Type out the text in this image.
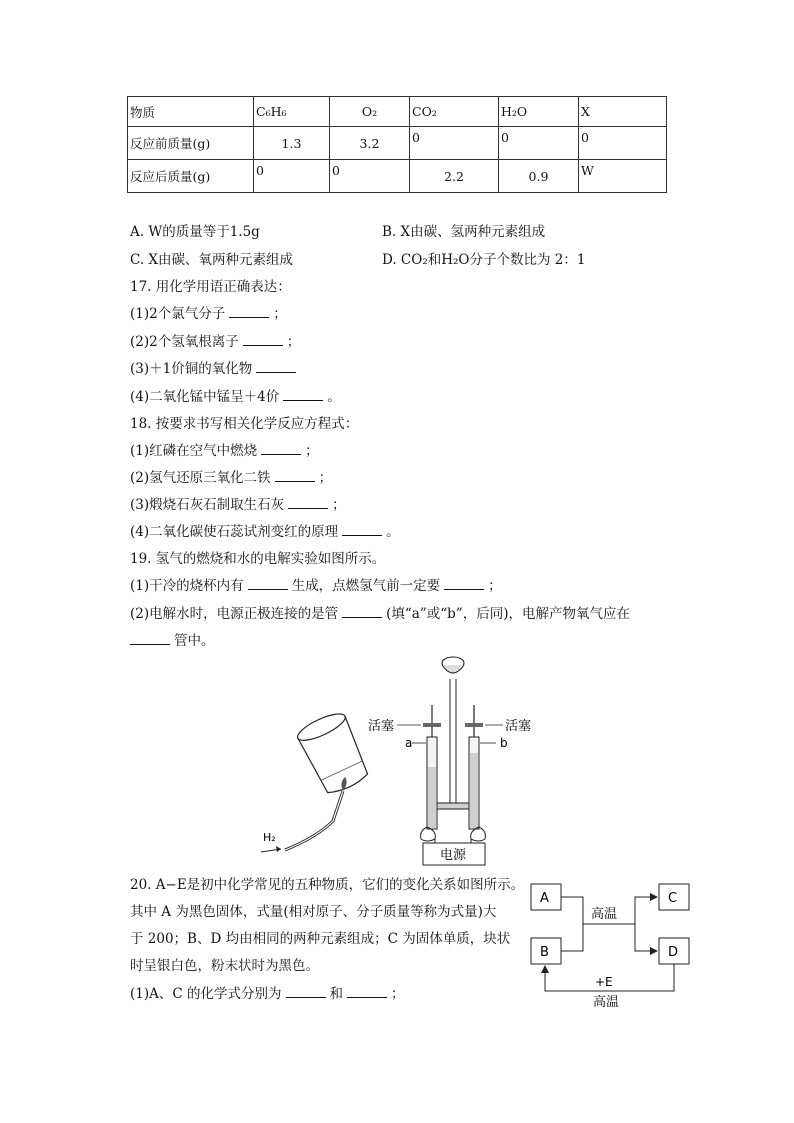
物质	C₆H₆	O₂	CO₂	H₂O	X
反应前质量(g)	1.3	3.2	0	0	0
反应后质量(g)	0	0	2.2	0.9	W
A. W的质量等于1.5g	B. X由碳、氢两种元素组成
C. X由碳、氧两种元素组成	D. CO₂和H₂O分子个数比为 2：1
17. 用化学用语正确表达：
(1)2个氯气分子	；
(2)2个氢氧根离子	；
(3)＋1价铜的氧化物
(4)二氧化锰中锰呈＋4价	。
18. 按要求书写相关化学反应方程式：
(1)红磷在空气中燃烧	；
(2)氢气还原三氧化二铁	；
(3)煅烧石灰石制取生石灰	；
(4)二氧化碳使石蕊试剂变红的原理	。
19. 氢气的燃烧和水的电解实验如图所示。
(1)干冷的烧杯内有	生成，点燃氢气前一定要	；
(2)电解水时，电源正极连接的是管	(填“a”或“b”，后同)，电解产物氧气应在
管中。
H₂
活塞	活塞
a	b
电源
20. A−E是初中化学常见的五种物质，它们的变化关系如图所示。
其中 A 为黑色固体，式量(相对原子、分子质量等称为式量)大
于 200；B、D 均由相同的两种元素组成；C 为固体单质，块状
时呈银白色，粉末状时为黑色。
(1)A、C 的化学式分别为	和	；
A
B
C
D
高温
+E
高温
